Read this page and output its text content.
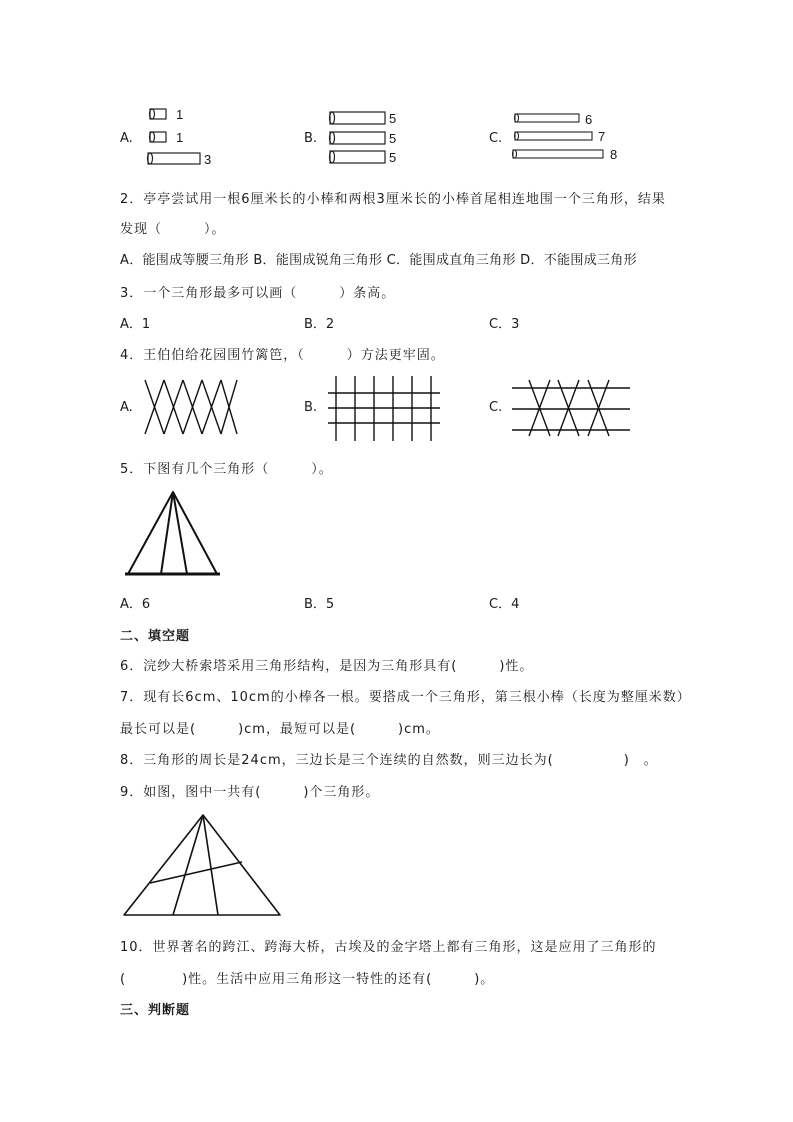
A.
1
1
3
B.
5
5
5
C.
6
7
8
2．亭亭尝试用一根6厘米长的小棒和两根3厘米长的小棒首尾相连地围一个三角形，结果
发现（　　　）。
A．能围成等腰三角形 B．能围成锐角三角形 C．能围成直角三角形 D．不能围成三角形
3．一个三角形最多可以画（　　　）条高。
A．1	B．2	C．3
4．王伯伯给花园围竹篱笆，（　　　）方法更牢固。
A.	B.	C.
5．下图有几个三角形（　　　）。
A．6	B．5	C．4
二、填空题
6．浣纱大桥索塔采用三角形结构，是因为三角形具有(　　　)性。
7．现有长6cm、10cm的小棒各一根。要搭成一个三角形，第三根小棒（长度为整厘米数）
最长可以是(　　　)cm，最短可以是(　　　)cm。
8．三角形的周长是24cm，三边长是三个连续的自然数，则三边长为(　　　　　)　。
9．如图，图中一共有(　　　)个三角形。
10．世界著名的跨江、跨海大桥，古埃及的金字塔上都有三角形，这是应用了三角形的
(　　　　)性。生活中应用三角形这一特性的还有(　　　)。
三、判断题
